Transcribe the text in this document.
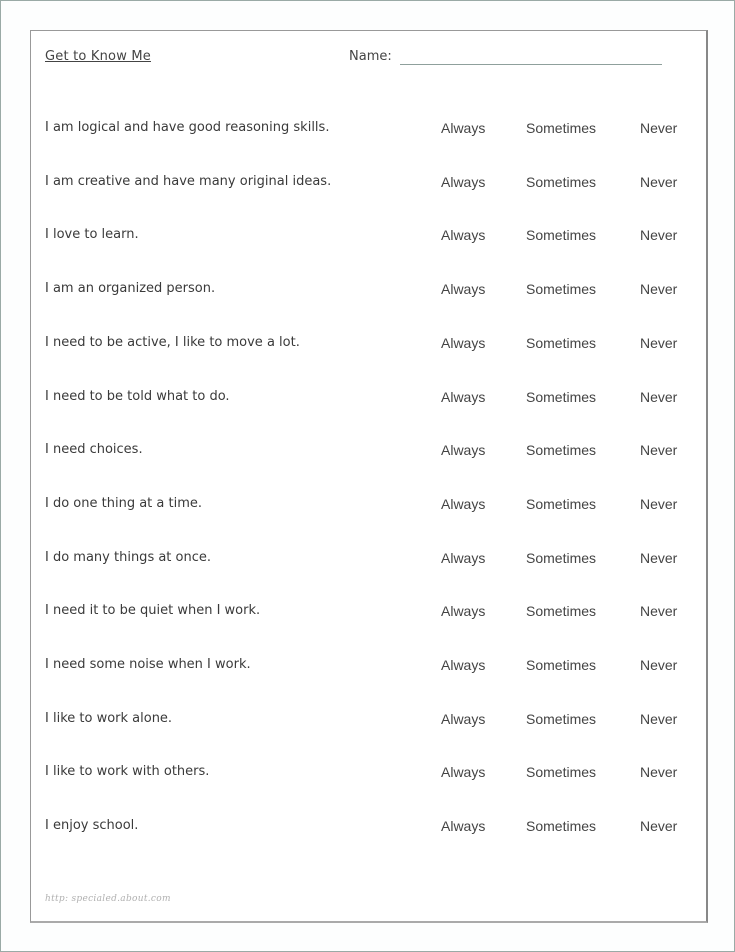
Get to Know Me	Name:
I am logical and have good reasoning skills.	Always	Sometimes	Never
I am creative and have many original ideas.	Always	Sometimes	Never
I love to learn.	Always	Sometimes	Never
I am an organized person.	Always	Sometimes	Never
I need to be active, I like to move a lot.	Always	Sometimes	Never
I need to be told what to do.	Always	Sometimes	Never
I need choices.	Always	Sometimes	Never
I do one thing at a time.	Always	Sometimes	Never
I do many things at once.	Always	Sometimes	Never
I need it to be quiet when I work.	Always	Sometimes	Never
I need some noise when I work.	Always	Sometimes	Never
I like to work alone.	Always	Sometimes	Never
I like to work with others.	Always	Sometimes	Never
I enjoy school.	Always	Sometimes	Never
http: specialed.about.com
